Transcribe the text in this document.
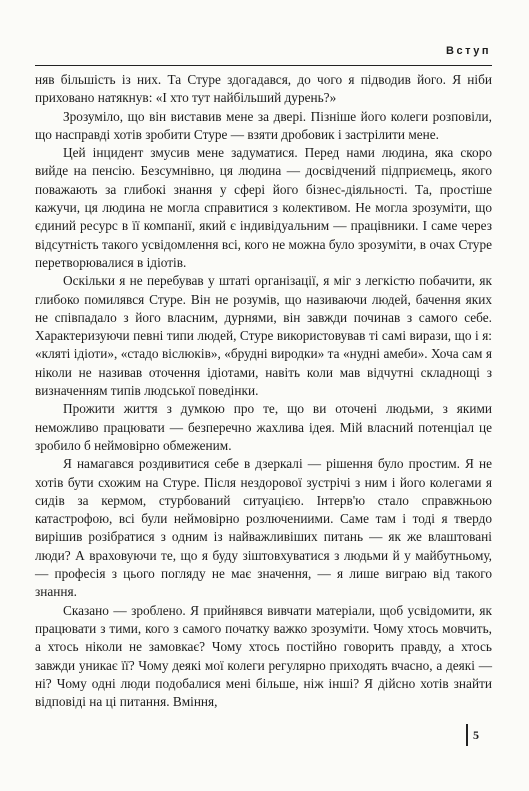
Вступ

няв більшість із них. Та Стуре здогадався, до чого я підводив його. Я ніби приховано натякнув: «І хто тут найбільший дурень?»

Зрозуміло, що він виставив мене за двері. Пізніше його колеги розповіли, що насправді хотів зробити Стуре — взяти дробовик і застрілити мене.

Цей інцидент змусив мене задуматися. Перед нами людина, яка скоро вийде на пенсію. Безсумнівно, ця людина — досвідчений підприємець, якого поважають за глибокі знання у сфері його бізнес-діяльності. Та, простіше кажучи, ця людина не могла справитися з колективом. Не могла зрозуміти, що єдиний ресурс в її компанії, який є індивідуальним — працівники. І саме через відсутність такого усвідомлення всі, кого не можна було зрозуміти, в очах Стуре перетворювалися в ідіотів.

Оскільки я не перебував у штаті організації, я міг з легкістю побачити, як глибоко помилявся Стуре. Він не розумів, що називаючи людей, бачення яких не співпадало з його власним, дурнями, він завжди починав з самого себе. Характеризуючи певні типи людей, Стуре використовував ті самі вирази, що і я: «кляті ідіоти», «стадо віслюків», «брудні виродки» та «нудні амеби». Хоча сам я ніколи не називав оточення ідіотами, навіть коли мав відчутні складнощі з визначенням типів людської поведінки.

Прожити життя з думкою про те, що ви оточені людьми, з якими неможливо працювати — безперечно жахлива ідея. Мій власний потенціал це зробило б неймовірно обмеженим.

Я намагався роздивитися себе в дзеркалі — рішення було простим. Я не хотів бути схожим на Стуре. Після нездорової зустрічі з ним і його колегами я сидів за кермом, стурбований ситуацією. Інтерв'ю стало справжньою катастрофою, всі були неймовірно розлючениими. Саме там і тоді я твердо вирішив розібратися з одним із найважливіших питань — як же влаштовані люди? А враховуючи те, що я буду зіштовхуватися з людьми й у майбутньому, — професія з цього погляду не має значення, — я лише виграю від такого знання.

Сказано — зроблено. Я прийнявся вивчати матеріали, щоб усвідомити, як працювати з тими, кого з самого початку важко зрозуміти. Чому хтось мовчить, а хтось ніколи не замовкає? Чому хтось постійно говорить правду, а хтось завжди уникає її? Чому деякі мої колеги регулярно приходять вчасно, а деякі — ні? Чому одні люди подобалися мені більше, ніж інші? Я дійсно хотів знайти відповіді на ці питання. Вміння,

5
